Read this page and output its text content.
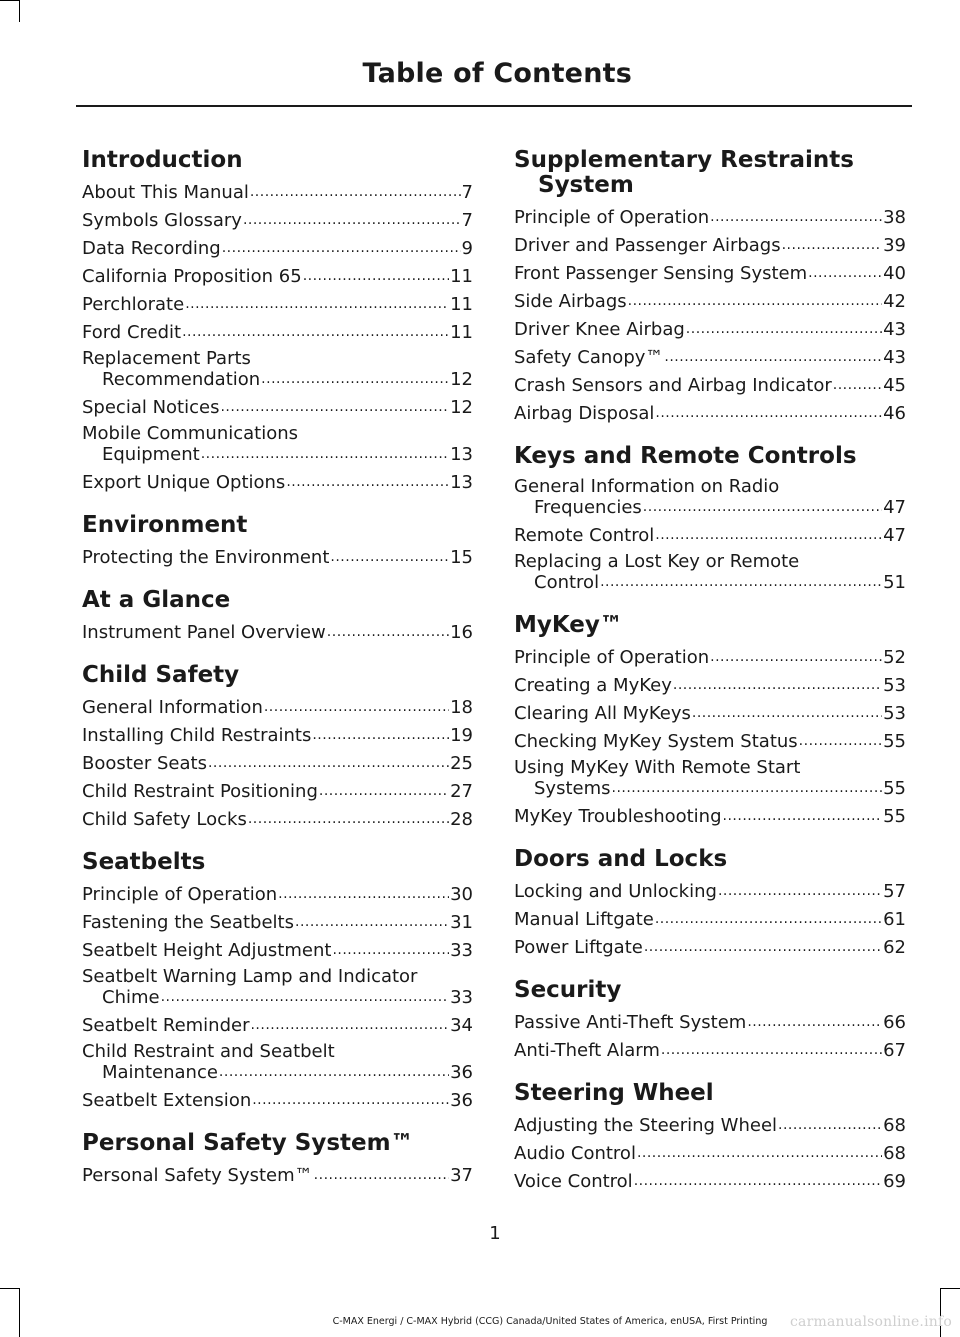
Table of Contents
Introduction
About This Manual .....	7
Symbols Glossary .....	7
Data Recording .....	9
California Proposition 65 .....	11
Perchlorate .....	11
Ford Credit .....	11
Replacement Parts
Recommendation .....	12
Special Notices .....	12
Mobile Communications
Equipment .....	13
Export Unique Options .....	13
Environment
Protecting the Environment .....	15
At a Glance
Instrument Panel Overview .....	16
Child Safety
General Information .....	18
Installing Child Restraints .....	19
Booster Seats .....	25
Child Restraint Positioning .....	27
Child Safety Locks .....	28
Seatbelts
Principle of Operation .....	30
Fastening the Seatbelts .....	31
Seatbelt Height Adjustment .....	33
Seatbelt Warning Lamp and Indicator
Chime .....	33
Seatbelt Reminder .....	34
Child Restraint and Seatbelt
Maintenance .....	36
Seatbelt Extension .....	36
Personal Safety System™
Personal Safety System™ .....	37
Supplementary Restraints System
Principle of Operation .....	38
Driver and Passenger Airbags .....	39
Front Passenger Sensing System .....	40
Side Airbags .....	42
Driver Knee Airbag .....	43
Safety Canopy™ .....	43
Crash Sensors and Airbag Indicator .....	45
Airbag Disposal .....	46
Keys and Remote Controls
General Information on Radio
Frequencies .....	47
Remote Control .....	47
Replacing a Lost Key or Remote
Control .....	51
MyKey™
Principle of Operation .....	52
Creating a MyKey .....	53
Clearing All MyKeys .....	53
Checking MyKey System Status .....	55
Using MyKey With Remote Start
Systems .....	55
MyKey Troubleshooting .....	55
Doors and Locks
Locking and Unlocking .....	57
Manual Liftgate .....	61
Power Liftgate .....	62
Security
Passive Anti-Theft System .....	66
Anti-Theft Alarm .....	67
Steering Wheel
Adjusting the Steering Wheel .....	68
Audio Control .....	68
Voice Control .....	69
1
C-MAX Energi / C-MAX Hybrid (CCG) Canada/United States of America, enUSA, First Printing	carmanualsonline.info
